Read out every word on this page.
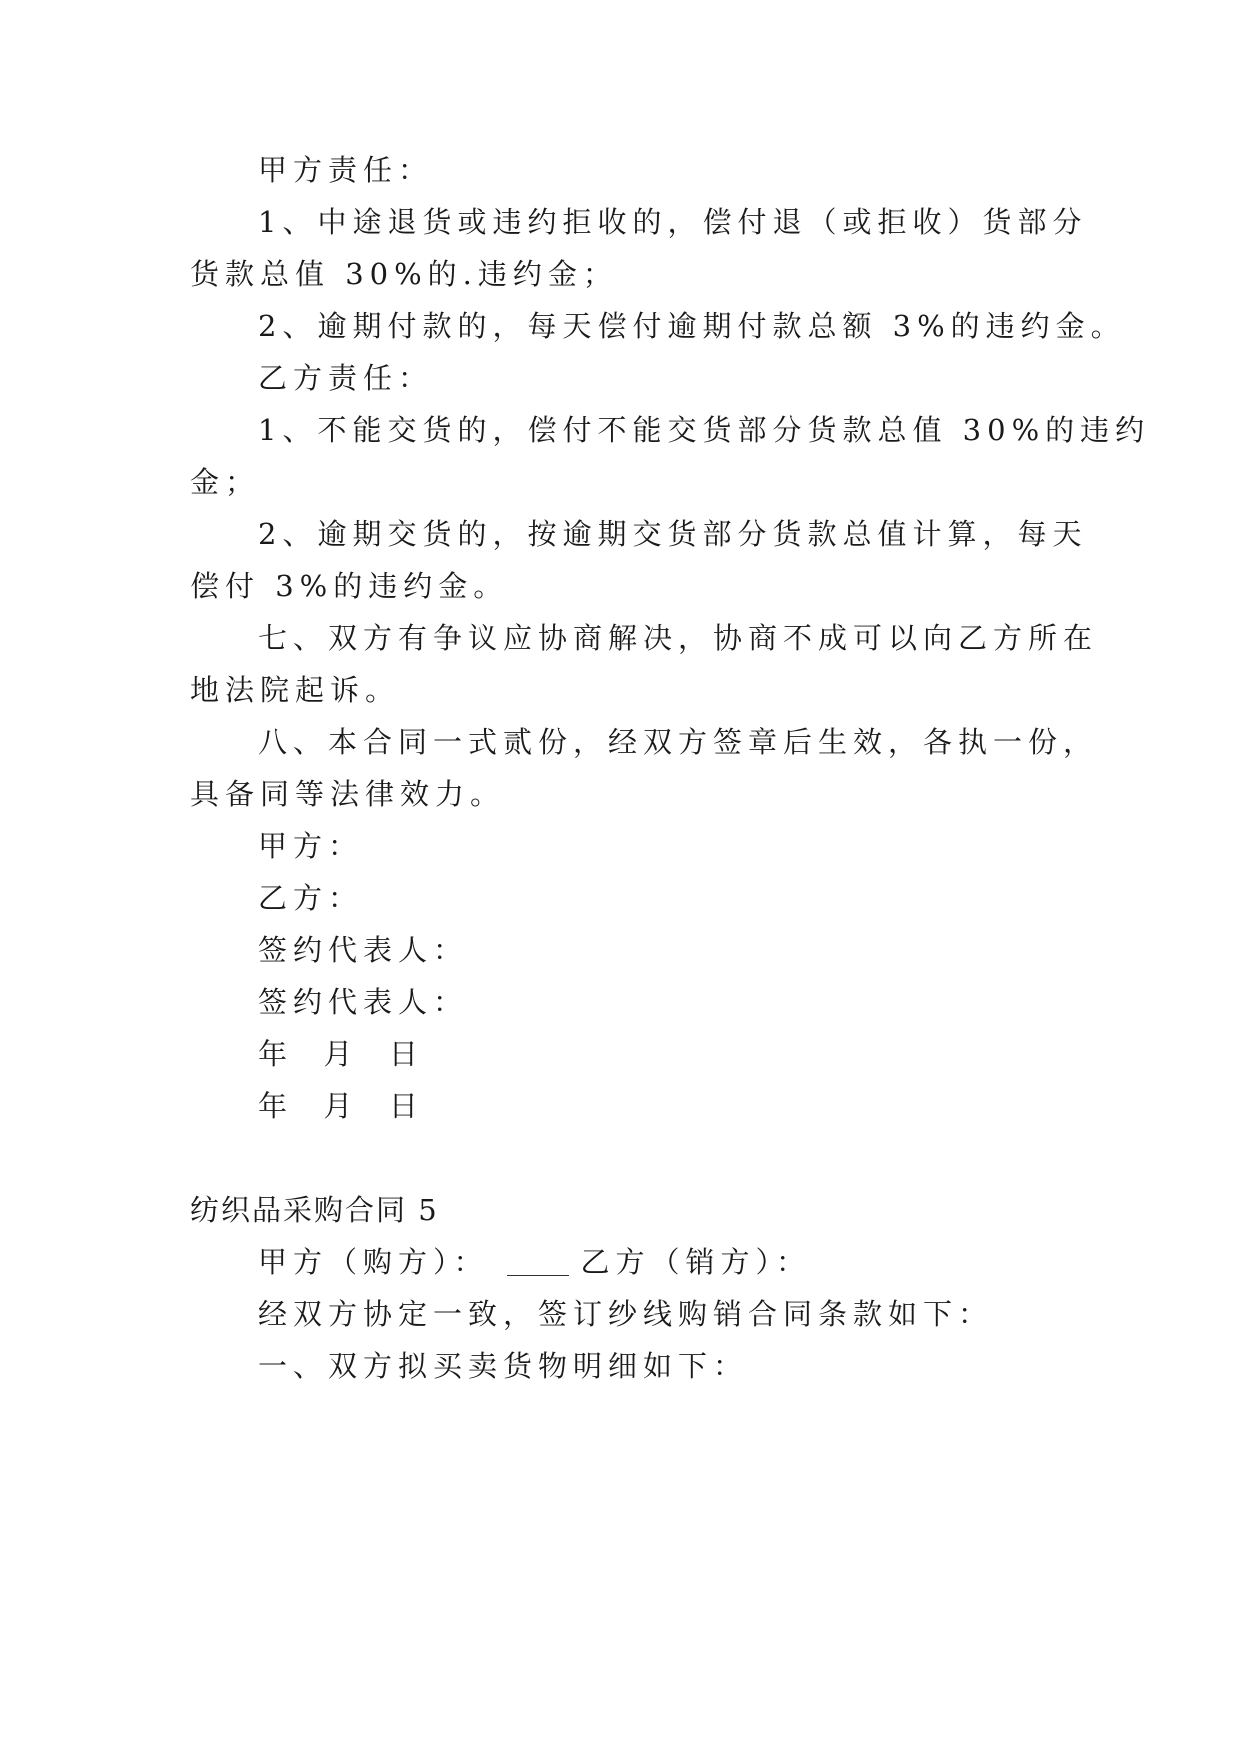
甲方责任：
1、中途退货或违约拒收的，偿付退（或拒收）货部分
货款总值 30%的.违约金；
2、逾期付款的，每天偿付逾期付款总额 3%的违约金。
乙方责任：
1、不能交货的，偿付不能交货部分货款总值 30%的违约
金；
2、逾期交货的，按逾期交货部分货款总值计算，每天
偿付 3%的违约金。
七、双方有争议应协商解决，协商不成可以向乙方所在
地法院起诉。
八、本合同一式贰份，经双方签章后生效，各执一份，
具备同等法律效力。
甲方：
乙方：
签约代表人：
签约代表人：
年  月  日
年  月  日
纺织品采购合同 5
甲方（购方）：	乙方（销方）：
经双方协定一致，签订纱线购销合同条款如下：
一、双方拟买卖货物明细如下：
